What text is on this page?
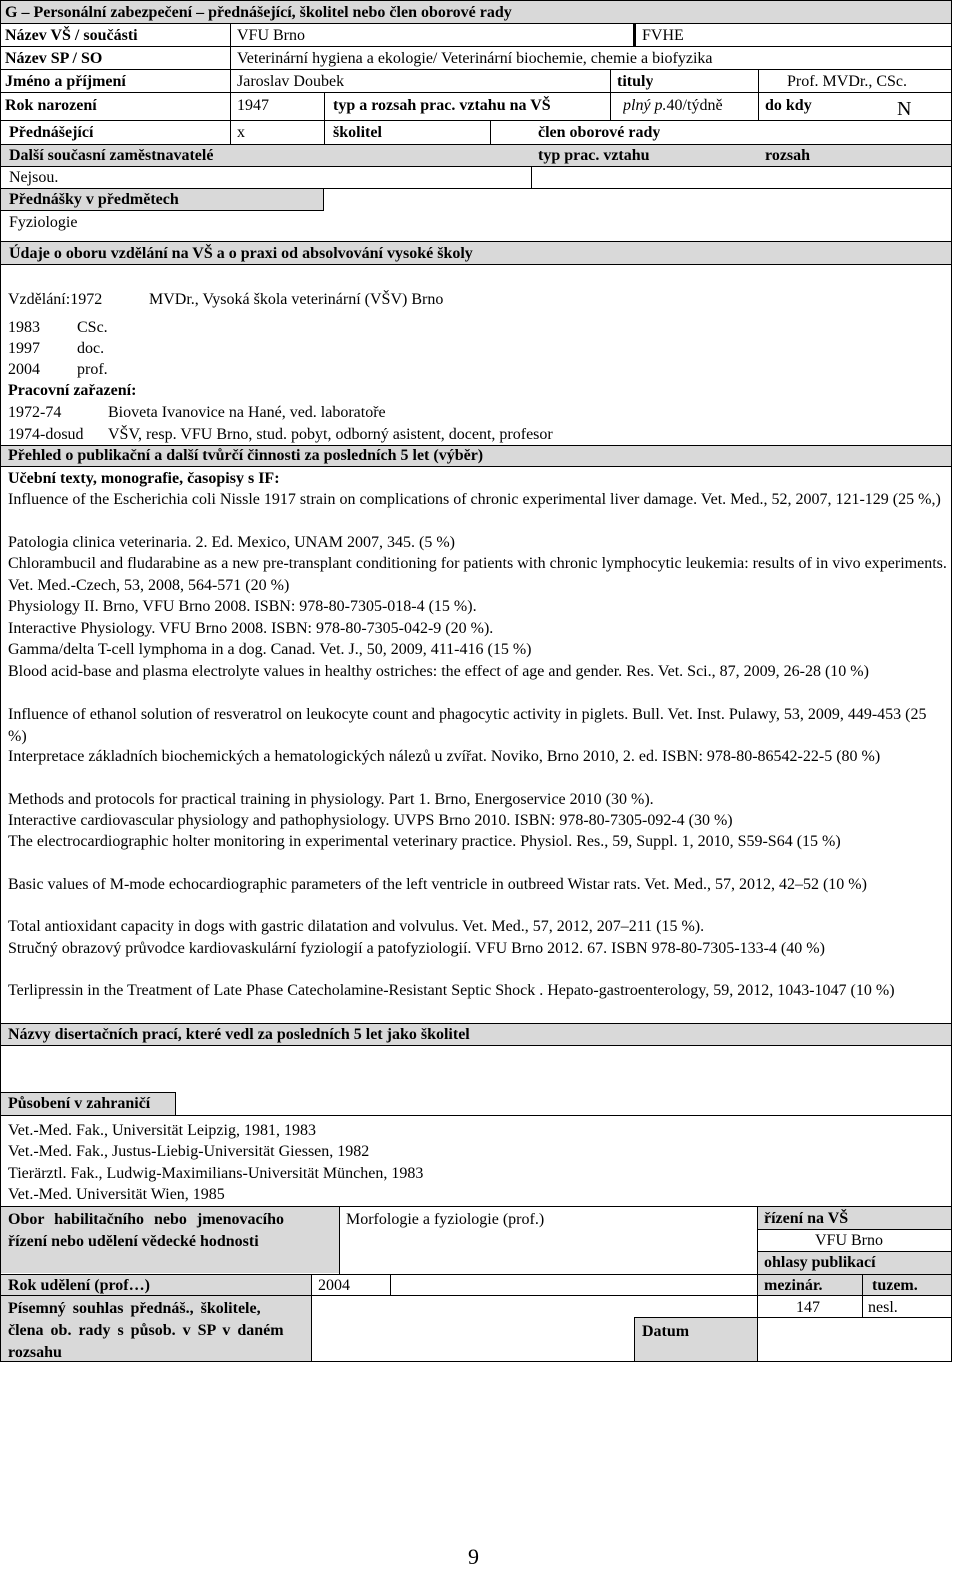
G – Personální zabezpečení – přednášející, školitel nebo člen oborové rady
Název VŠ / součásti	VFU Brno	FVHE
Název SP / SO	Veterinární hygiena a ekologie/ Veterinární biochemie, chemie a biofyzika
Jméno a příjmení	Jaroslav Doubek	tituly	Prof. MVDr., CSc.
Rok narození	1947	typ a rozsah prac. vztahu na VŠ	plný p.40/týdně	do kdy	N
Přednášející	x	školitel	člen oborové rady
Další současní zaměstnavatelé	typ prac. vztahu	rozsah
Nejsou.
Přednášky v předmětech
Fyziologie
Údaje o oboru vzdělání na VŠ a o praxi od absolvování vysoké školy
Vzdělání:1972	MVDr., Vysoká škola veterinární (VŠV) Brno
1983 CSc.
1997 doc.
2004 prof.
Pracovní zařazení:
1972-74	Bioveta Ivanovice na Hané, ved. laboratoře
1974-dosud VŠV, resp. VFU Brno, stud. pobyt, odborný asistent, docent, profesor
Přehled o publikační a další tvůrčí činnosti za posledních 5 let (výběr)
Učební texty, monografie, časopisy s IF:
Influence of the Escherichia coli Nissle 1917 strain on complications of chronic experimental liver damage. Vet. Med., 52, 2007, 121-129 (25 %,)
Patologia clinica veterinaria. 2. Ed. Mexico, UNAM 2007, 345. (5 %)
Chlorambucil and fludarabine as a new pre-transplant conditioning for patients with chronic lymphocytic leukemia: results of in vivo experiments. Vet. Med.-Czech, 53, 2008, 564-571 (20 %)
Physiology II. Brno, VFU Brno 2008. ISBN: 978-80-7305-018-4 (15 %).
Interactive Physiology. VFU Brno 2008. ISBN: 978-80-7305-042-9 (20 %).
Gamma/delta T-cell lymphoma in a dog. Canad. Vet. J., 50, 2009, 411-416 (15 %)
Blood acid-base and plasma electrolyte values in healthy ostriches: the effect of age and gender. Res. Vet. Sci., 87, 2009, 26-28 (10 %)
Influence of ethanol solution of resveratrol on leukocyte count and phagocytic activity in piglets. Bull. Vet. Inst. Pulawy, 53, 2009, 449-453 (25 %)
Interpretace základních biochemických a hematologických nálezů u zvířat. Noviko, Brno 2010, 2. ed. ISBN: 978-80-86542-22-5 (80 %)
Methods and protocols for practical training in physiology. Part 1. Brno, Energoservice 2010 (30 %).
Interactive cardiovascular physiology and pathophysiology. UVPS Brno 2010. ISBN: 978-80-7305-092-4 (30 %)
The electrocardiographic holter monitoring in experimental veterinary practice. Physiol. Res., 59, Suppl. 1, 2010, S59-S64 (15 %)
Basic values of M-mode echocardiographic parameters of the left ventricle in outbreed Wistar rats. Vet. Med., 57, 2012, 42–52 (10 %)
Total antioxidant capacity in dogs with gastric dilatation and volvulus. Vet. Med., 57, 2012, 207–211 (15 %).
Stručný obrazový průvodce kardiovaskulární fyziologií a patofyziologií. VFU Brno 2012. 67. ISBN 978-80-7305-133-4 (40 %)
Terlipressin in the Treatment of Late Phase Catecholamine-Resistant Septic Shock . Hepato-gastroenterology, 59, 2012, 1043-1047 (10 %)
Názvy disertačních prací, které vedl za posledních 5 let jako školitel
Působení v zahraničí
Vet.-Med. Fak., Universität Leipzig, 1981, 1983
Vet.-Med. Fak., Justus-Liebig-Universität Giessen, 1982
Tierärztl. Fak., Ludwig-Maximilians-Universität München, 1983
Vet.-Med. Universität Wien, 1985
Obor habilitačního nebo jmenovacího
řízení nebo udělení vědecké hodnosti
Morfologie a fyziologie (prof.)	řízení na VŠ
VFU Brno
ohlasy publikací
Rok udělení (prof…)	2004	mezinár.	tuzem.
Písemný souhlas přednáš., školitele,
člena ob. rady s působ. v SP v daném
rozsahu
147	nesl.
Datum
9
